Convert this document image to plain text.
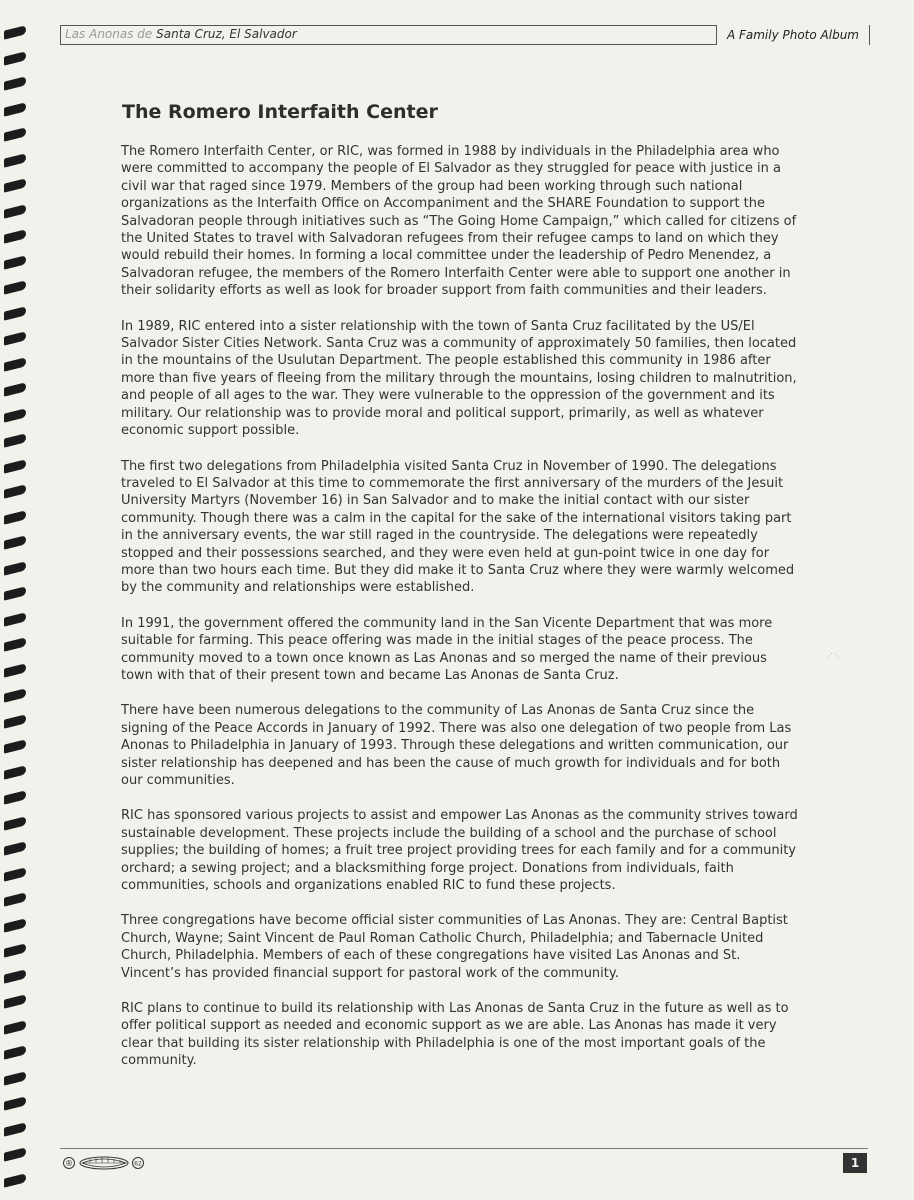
Las Anonas de Santa Cruz, El Salvador	A Family Photo Album
The Romero Interfaith Center

The Romero Interfaith Center, or RIC, was formed in 1988 by individuals in the Philadelphia area who were committed to accompany the people of El Salvador as they struggled for peace with justice in a civil war that raged since 1979. Members of the group had been working through such national organizations as the Interfaith Office on Accompaniment and the SHARE Foundation to support the Salvadoran people through initiatives such as “The Going Home Campaign,” which called for citizens of the United States to travel with Salvadoran refugees from their refugee camps to land on which they would rebuild their homes. In forming a local committee under the leadership of Pedro Menendez, a Salvadoran refugee, the members of the Romero Interfaith Center were able to support one another in their solidarity efforts as well as look for broader support from faith communities and their leaders.

In 1989, RIC entered into a sister relationship with the town of Santa Cruz facilitated by the US/El Salvador Sister Cities Network. Santa Cruz was a community of approximately 50 families, then located in the mountains of the Usulutan Department. The people established this community in 1986 after more than five years of fleeing from the military through the mountains, losing children to malnutrition, and people of all ages to the war. They were vulnerable to the oppression of the government and its military. Our relationship was to provide moral and political support, primarily, as well as whatever economic support possible.

The first two delegations from Philadelphia visited Santa Cruz in November of 1990. The delegations traveled to El Salvador at this time to commemorate the first anniversary of the murders of the Jesuit University Martyrs (November 16) in San Salvador and to make the initial contact with our sister community. Though there was a calm in the capital for the sake of the international visitors taking part in the anniversary events, the war still raged in the countryside. The delegations were repeatedly stopped and their possessions searched, and they were even held at gun-point twice in one day for more than two hours each time. But they did make it to Santa Cruz where they were warmly welcomed by the community and relationships were established.

In 1991, the government offered the community land in the San Vicente Department that was more suitable for farming. This peace offering was made in the initial stages of the peace process. The community moved to a town once known as Las Anonas and so merged the name of their previous town with that of their present town and became Las Anonas de Santa Cruz.

There have been numerous delegations to the community of Las Anonas de Santa Cruz since the signing of the Peace Accords in January of 1992. There was also one delegation of two people from Las Anonas to Philadelphia in January of 1993. Through these delegations and written communication, our sister relationship has deepened and has been the cause of much growth for individuals and for both our communities.

RIC has sponsored various projects to assist and empower Las Anonas as the community strives toward sustainable development. These projects include the building of a school and the purchase of school supplies; the building of homes; a fruit tree project providing trees for each family and for a community orchard; a sewing project; and a blacksmithing forge project. Donations from individuals, faith communities, schools and organizations enabled RIC to fund these projects.

Three congregations have become official sister communities of Las Anonas. They are: Central Baptist Church, Wayne; Saint Vincent de Paul Roman Catholic Church, Philadelphia; and Tabernacle United Church, Philadelphia. Members of each of these congregations have visited Las Anonas and St. Vincent’s has provided financial support for pastoral work of the community.

RIC plans to continue to build its relationship with Las Anonas de Santa Cruz in the future as well as to offer political support as needed and economic support as we are able. Las Anonas has made it very clear that building its sister relationship with Philadelphia is one of the most important goals of the community.

⋰⋱
®	62	1
